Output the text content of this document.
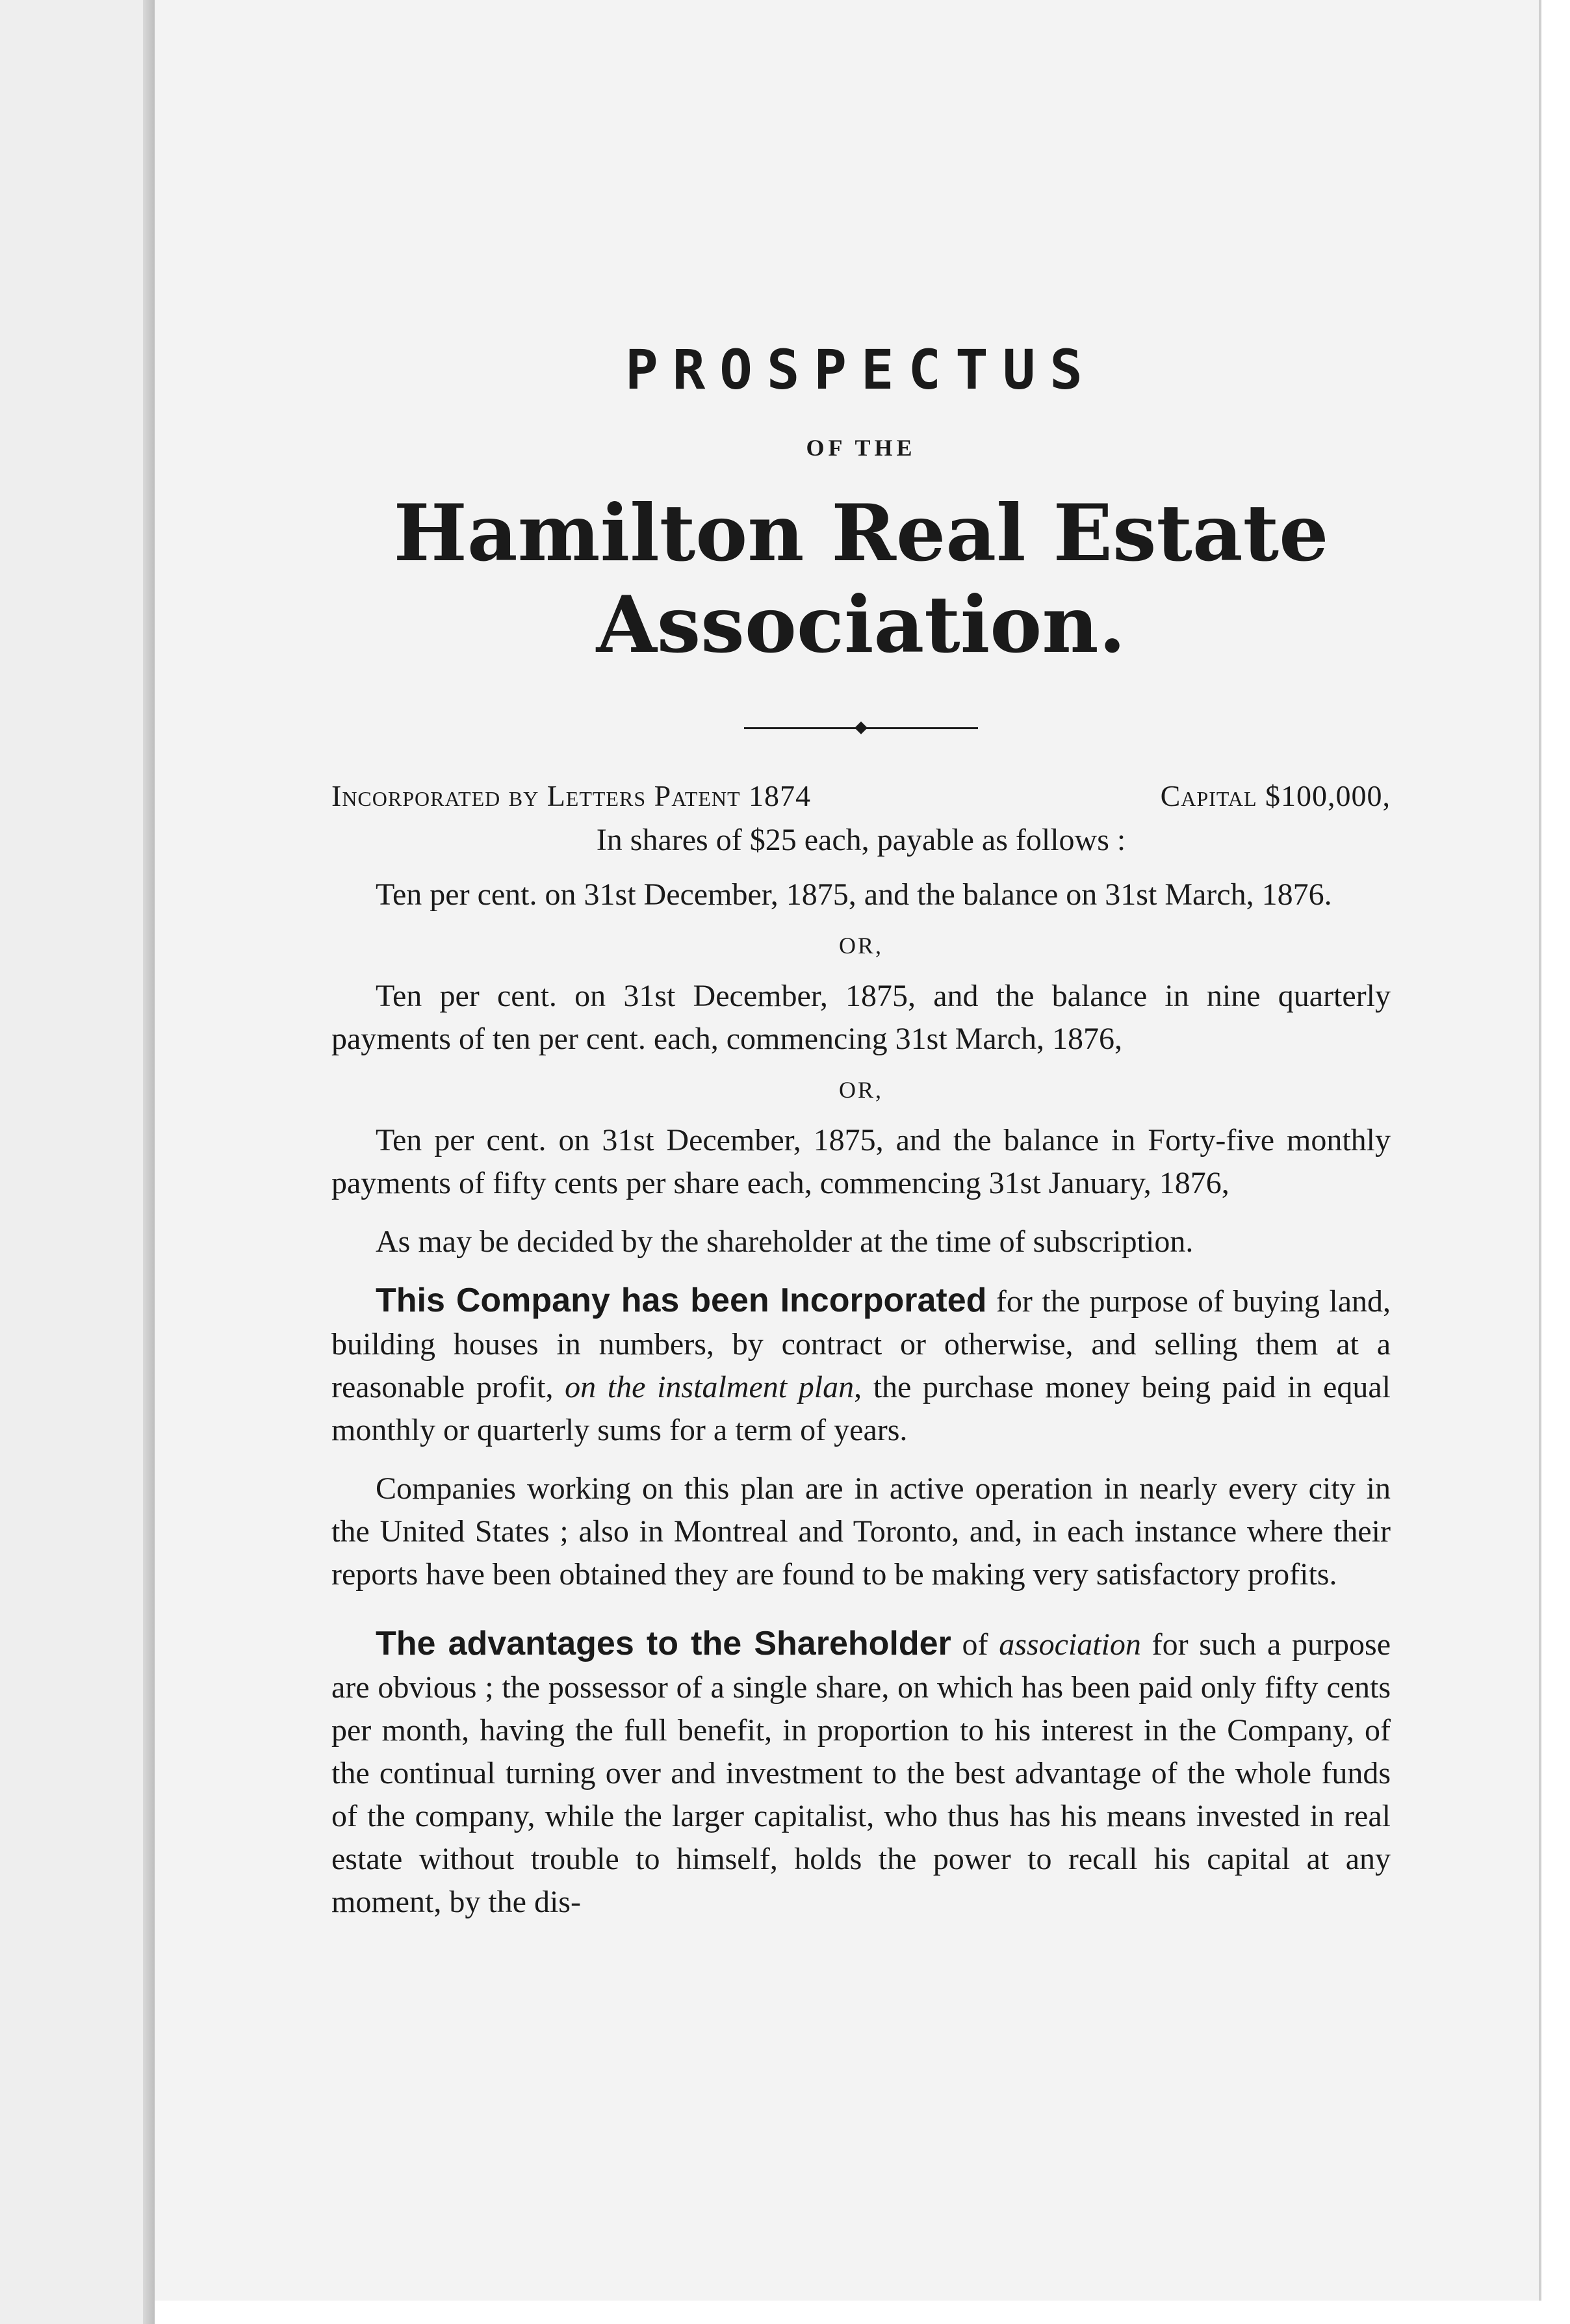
PROSPECTUS
OF THE
Hamilton Real Estate Association.
Incorporated by Letters Patent 1874	Capital $100,000,
In shares of $25 each, payable as follows :
Ten per cent. on 31st December, 1875, and the balance on 31st March, 1876.
OR,
Ten per cent. on 31st December, 1875, and the balance in nine quarterly payments of ten per cent. each, commencing 31st March, 1876,
OR,
Ten per cent. on 31st December, 1875, and the balance in Forty-five monthly payments of fifty cents per share each, commencing 31st January, 1876,
As may be decided by the shareholder at the time of subscription.
This Company has been Incorporated for the purpose of buying land, building houses in numbers, by contract or otherwise, and selling them at a reasonable profit, on the instalment plan, the purchase money being paid in equal monthly or quarterly sums for a term of years.
Companies working on this plan are in active operation in nearly every city in the United States ; also in Montreal and Toronto, and, in each instance where their reports have been obtained they are found to be making very satisfactory profits.
The advantages to the Shareholder of association for such a purpose are obvious ; the possessor of a single share, on which has been paid only fifty cents per month, having the full benefit, in proportion to his interest in the Company, of the continual turning over and investment to the best advantage of the whole funds of the company, while the larger capitalist, who thus has his means invested in real estate without trouble to himself, holds the power to recall his capital at any moment, by the dis-
